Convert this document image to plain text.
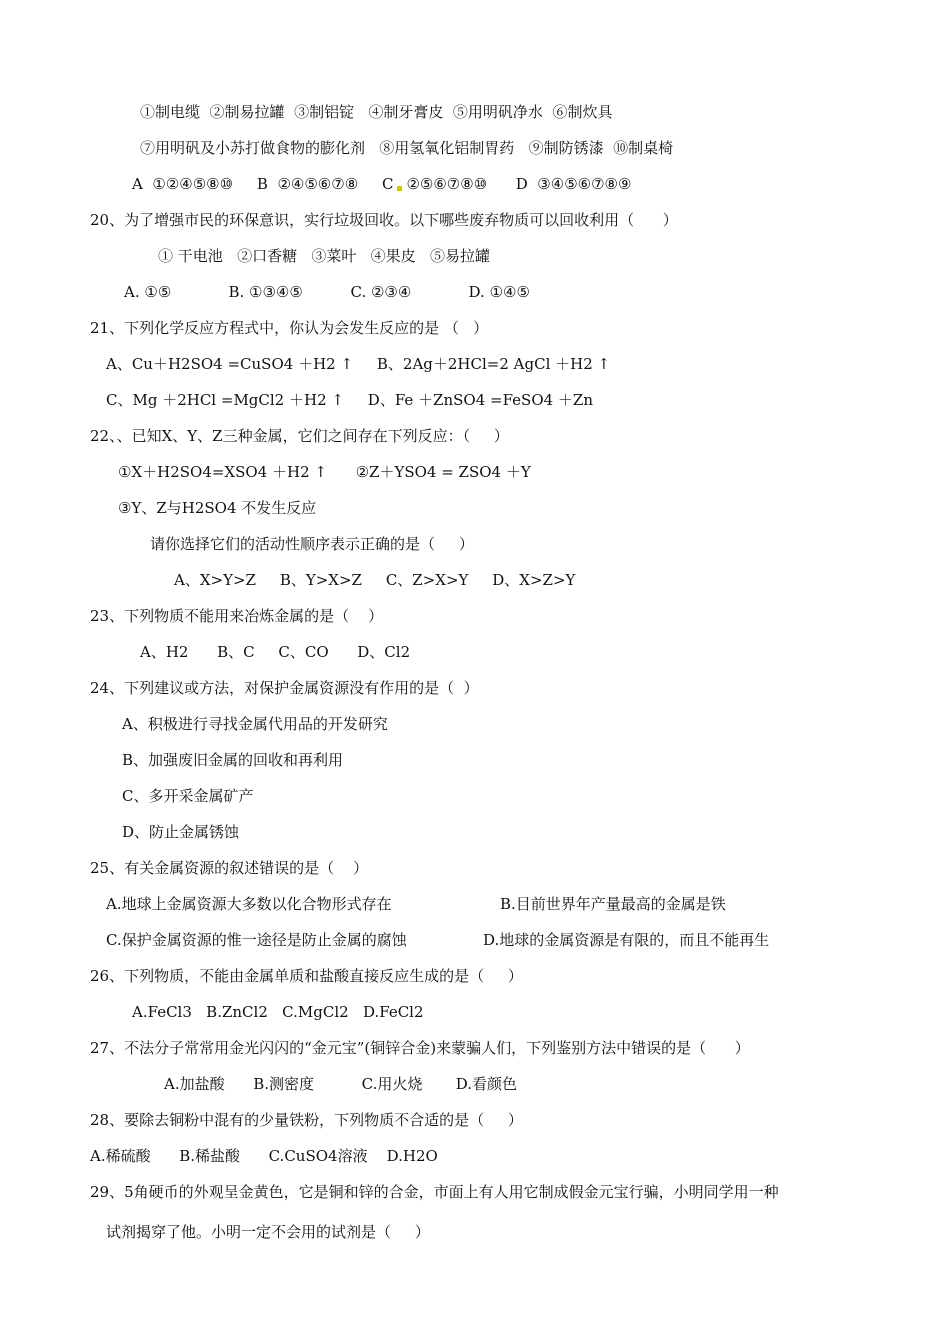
①制电缆  ②制易拉罐  ③制铝锭   ④制牙膏皮  ⑤用明矾净水  ⑥制炊具
⑦用明矾及小苏打做食物的膨化剂   ⑧用氢氧化铝制胃药   ⑨制防锈漆  ⑩制桌椅
A  ①②④⑤⑧⑩     B  ②④⑤⑥⑦⑧     C ②⑤⑥⑦⑧⑩      D  ③④⑤⑥⑦⑧⑨
20、为了增强市民的环保意识，实行垃圾回收。以下哪些废弃物质可以回收利用（      ）
① 干电池   ②口香糖   ③菜叶   ④果皮   ⑤易拉罐
A. ①⑤            B. ①③④⑤          C. ②③④            D. ①④⑤
21、下列化学反应方程式中，你认为会发生反应的是 （   ）
A、Cu＋H2SO4 =CuSO4 ＋H2 ↑     B、2Ag＋2HCl=2 AgCl ＋H2 ↑
C、Mg ＋2HCl =MgCl2 ＋H2 ↑     D、Fe ＋ZnSO4 =FeSO4 ＋Zn
22、、已知X、Y、Z三种金属，它们之间存在下列反应：（     ）
①X＋H2SO4=XSO4 ＋H2 ↑      ②Z＋YSO4 = ZSO4 ＋Y
③Y、Z与H2SO4 不发生反应
请你选择它们的活动性顺序表示正确的是（     ）
A、X>Y>Z     B、Y>X>Z     C、Z>X>Y     D、X>Z>Y
23、下列物质不能用来冶炼金属的是（    ）
A、H2      B、C     C、CO      D、Cl2
24、下列建议或方法，对保护金属资源没有作用的是（  ）
A、积极进行寻找金属代用品的开发研究
B、加强废旧金属的回收和再利用
C、多开采金属矿产
D、防止金属锈蚀
25、有关金属资源的叙述错误的是（    ）
A.地球上金属资源大多数以化合物形式存在	B.目前世界年产量最高的金属是铁
C.保护金属资源的惟一途径是防止金属的腐蚀	D.地球的金属资源是有限的，而且不能再生
26、下列物质，不能由金属单质和盐酸直接反应生成的是（     ）
A.FeCl3   B.ZnCl2   C.MgCl2   D.FeCl2
27、不法分子常常用金光闪闪的“金元宝”(铜锌合金)来蒙骗人们，下列鉴别方法中错误的是（      ）
A.加盐酸      B.测密度          C.用火烧       D.看颜色
28、要除去铜粉中混有的少量铁粉，下列物质不合适的是（     ）
A.稀硫酸      B.稀盐酸      C.CuSO4溶液    D.H2O
29、5角硬币的外观呈金黄色，它是铜和锌的合金，市面上有人用它制成假金元宝行骗，小明同学用一种
试剂揭穿了他。小明一定不会用的试剂是（     ）
